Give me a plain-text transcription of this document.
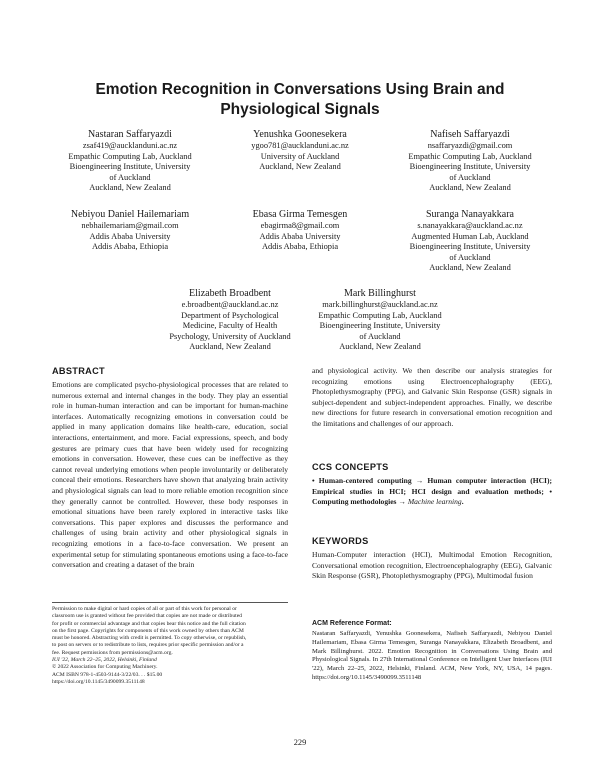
Emotion Recognition in Conversations Using Brain and
Physiological Signals
Nastaran Saffaryazdi
zsaf419@aucklanduni.ac.nz
Empathic Computing Lab, Auckland
Bioengineering Institute, University
of Auckland
Auckland, New Zealand
Yenushka Goonesekera
ygoo781@aucklanduni.ac.nz
University of Auckland
Auckland, New Zealand
Nafiseh Saffaryazdi
nsaffaryazdi@gmail.com
Empathic Computing Lab, Auckland
Bioengineering Institute, University
of Auckland
Auckland, New Zealand
Nebiyou Daniel Hailemariam
nebhailemariam@gmail.com
Addis Ababa University
Addis Ababa, Ethiopia
Ebasa Girma Temesgen
ebagirma8@gmail.com
Addis Ababa University
Addis Ababa, Ethiopia
Suranga Nanayakkara
s.nanayakkara@auckland.ac.nz
Augmented Human Lab, Auckland
Bioengineering Institute, University
of Auckland
Auckland, New Zealand
Elizabeth Broadbent
e.broadbent@auckland.ac.nz
Department of Psychological
Medicine, Faculty of Health
Psychology, University of Auckland
Auckland, New Zealand
Mark Billinghurst
mark.billinghurst@auckland.ac.nz
Empathic Computing Lab, Auckland
Bioengineering Institute, University
of Auckland
Auckland, New Zealand
ABSTRACT
Emotions are complicated psycho-physiological processes that are related to numerous external and internal changes in the body. They play an essential role in human-human interaction and can be important for human-machine interfaces. Automatically recognizing emotions in conversation could be applied in many application domains like health-care, education, social interactions, entertainment, and more. Facial expressions, speech, and body gestures are primary cues that have been widely used for recognizing emotions in conversation. However, these cues can be ineffective as they cannot reveal underlying emotions when people involuntarily or deliberately conceal their emotions. Researchers have shown that analyzing brain activity and physiological signals can lead to more reliable emotion recognition since they generally cannot be controlled. However, these body responses in emotional situations have been rarely explored in interactive tasks like conversations. This paper explores and discusses the performance and challenges of using brain activity and other physiological signals in recognizing emotions in a face-to-face conversation. We present an experimental setup for stimulating spontaneous emotions using a face-to-face conversation and creating a dataset of the brain
and physiological activity. We then describe our analysis strategies for recognizing emotions using Electroencephalography (EEG), Photoplethysmography (PPG), and Galvanic Skin Response (GSR) signals in subject-dependent and subject-independent approaches. Finally, we describe new directions for future research in conversational emotion recognition and the limitations and challenges of our approach.
CCS CONCEPTS
• Human-centered computing → Human computer interaction (HCI); Empirical studies in HCI; HCI design and evaluation methods; • Computing methodologies → Machine learning.
KEYWORDS
Human-Computer interaction (HCI), Multimodal Emotion Recognition, Conversational emotion recognition, Electroencephalography (EEG), Galvanic Skin Response (GSR), Photoplethysmography (PPG), Multimodal fusion
Permission to make digital or hard copies of all or part of this work for personal or
classroom use is granted without fee provided that copies are not made or distributed
for profit or commercial advantage and that copies bear this notice and the full citation
on the first page. Copyrights for components of this work owned by others than ACM
must be honored. Abstracting with credit is permitted. To copy otherwise, or republish,
to post on servers or to redistribute to lists, requires prior specific permission and/or a
fee. Request permissions from permissions@acm.org.
IUI '22, March 22–25, 2022, Helsinki, Finland
© 2022 Association for Computing Machinery.
ACM ISBN 978-1-4503-9144-3/22/03. . . $15.00
https://doi.org/10.1145/3490099.3511148
ACM Reference Format:
Nastaran Saffaryazdi, Yenushka Goonesekera, Nafiseh Saffaryazdi, Nebiyou Daniel Hailemariam, Ebasa Girma Temesgen, Suranga Nanayakkara, Elizabeth Broadbent, and Mark Billinghurst. 2022. Emotion Recognition in Conversations Using Brain and Physiological Signals. In 27th International Conference on Intelligent User Interfaces (IUI '22), March 22–25, 2022, Helsinki, Finland. ACM, New York, NY, USA, 14 pages. https://doi.org/10.1145/3490099.3511148
229
